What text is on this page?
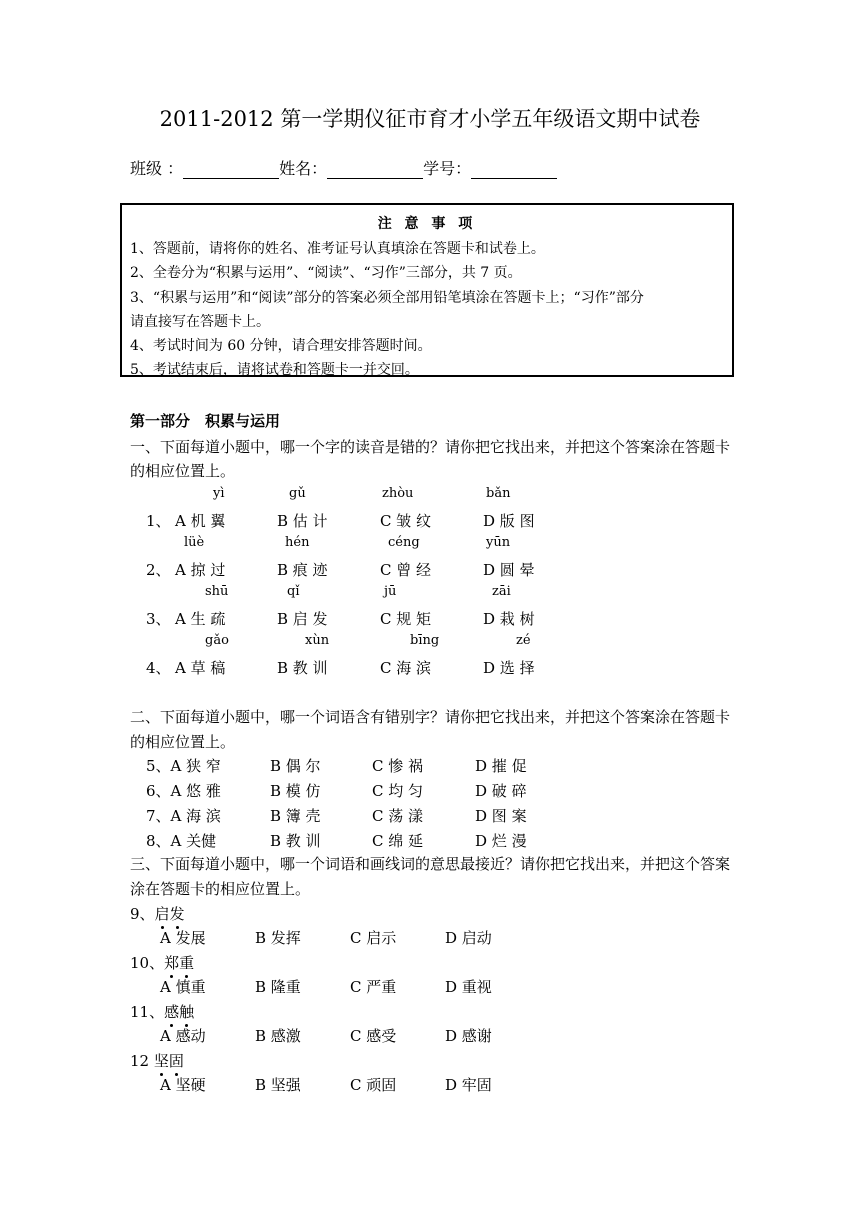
2011-2012 第一学期仪征市育才小学五年级语文期中试卷
班级 ：	姓名：	学号：
注 意 事 项
1、答题前，请将你的姓名、准考证号认真填涂在答题卡和试卷上。
2、全卷分为“积累与运用”、“阅读”、“习作”三部分，共 7 页。
3、“积累与运用”和“阅读”部分的答案必须全部用铅笔填涂在答题卡上；“习作”部分
请直接写在答题卡上。
4、考试时间为 60 分钟，请合理安排答题时间。
5、考试结束后，请将试卷和答题卡一并交回。
第一部分　积累与运用
一、下面每道小题中，哪一个字的读音是错的？请你把它找出来，并把这个答案涂在答题卡
的相应位置上。
yì	gǔ	zhòu	bǎn
1、 A 机 翼	B 估 计	C 皱 纹	D 版 图
lüè	hén	céng	yūn
2、 A 掠 过	B 痕 迹	C 曾 经	D 圆 晕
shū	qǐ	jū	zāi
3、 A 生 疏	B 启 发	C 规 矩	D 栽 树
gǎo	xùn	bīng	zé
4、 A 草 稿	B 教 训	C 海 滨	D 选 择
二、下面每道小题中，哪一个词语含有错别字？请你把它找出来，并把这个答案涂在答题卡
的相应位置上。
5、A 狭 窄	B 偶 尔	C 惨 祸	D 摧 促
6、A 悠 雅	B 模 仿	C 均 匀	D 破 碎
7、A 海 滨	B 簿 壳	C 荡 漾	D 图 案
8、A 关健	B 教 训	C 绵 延	D 烂 漫
三、下面每道小题中，哪一个词语和画线词的意思最接近？请你把它找出来，并把这个答案
涂在答题卡的相应位置上。
9、启发
A 发展	B 发挥	C 启示	D 启动
10、郑重
A 慎重	B 隆重	C 严重	D 重视
11、感触
A 感动	B 感激	C 感受	D 感谢
12 坚固
A 坚硬	B 坚强	C 顽固	D 牢固
